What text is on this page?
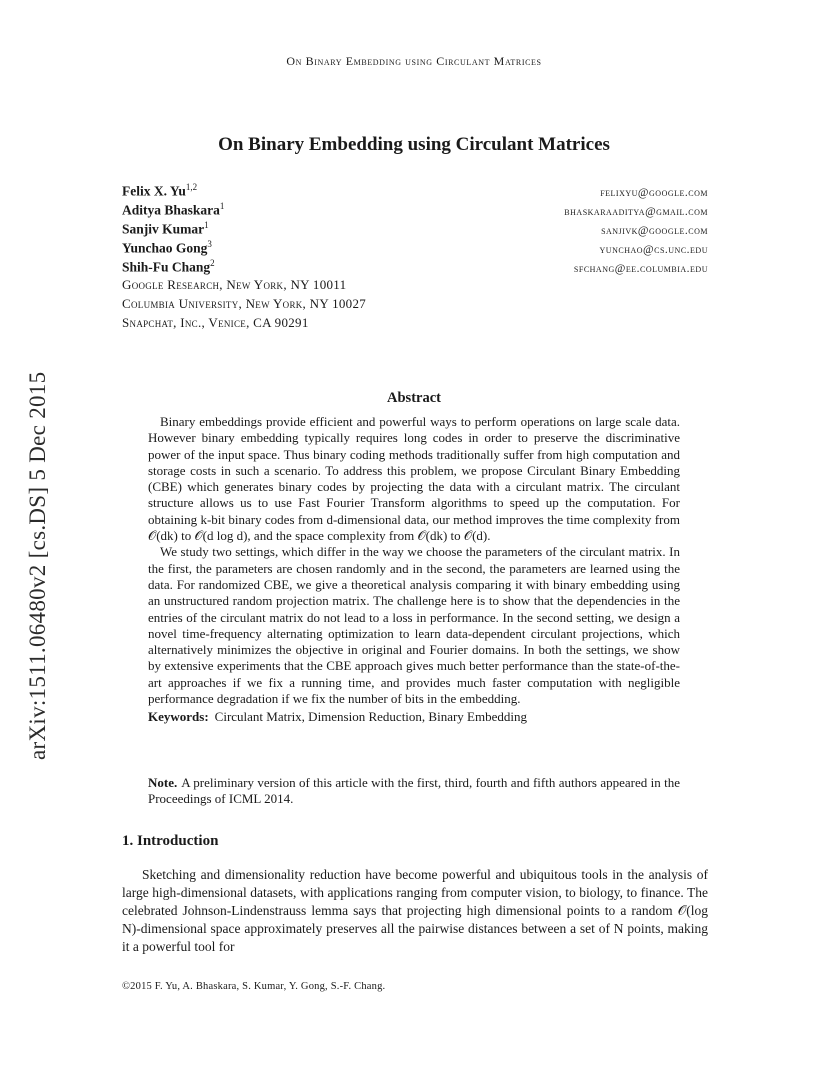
On Binary Embedding using Circulant Matrices
arXiv:1511.06480v2 [cs.DS] 5 Dec 2015
On Binary Embedding using Circulant Matrices
Felix X. Yu$^{1,2}$	felixyu@google.com
Aditya Bhaskara$^1$	bhaskaraaditya@gmail.com
Sanjiv Kumar$^1$	sanjivk@google.com
Yunchao Gong$^3$	yunchao@cs.unc.edu
Shih-Fu Chang$^2$	sfchang@ee.columbia.edu
Google Research, New York, NY 10011
Columbia University, New York, NY 10027
Snapchat, Inc., Venice, CA 90291
Abstract

Binary embeddings provide efficient and powerful ways to perform operations on large scale data. However binary embedding typically requires long codes in order to preserve the discriminative power of the input space. Thus binary coding methods traditionally suffer from high computation and storage costs in such a scenario. To address this problem, we propose Circulant Binary Embedding (CBE) which generates binary codes by projecting the data with a circulant matrix. The circulant structure allows us to use Fast Fourier Transform algorithms to speed up the computation. For obtaining k-bit binary codes from d-dimensional data, our method improves the time complexity from 𝒪(dk) to 𝒪(d log d), and the space complexity from 𝒪(dk) to 𝒪(d).

We study two settings, which differ in the way we choose the parameters of the circulant matrix. In the first, the parameters are chosen randomly and in the second, the parameters are learned using the data. For randomized CBE, we give a theoretical analysis comparing it with binary embedding using an unstructured random projection matrix. The challenge here is to show that the dependencies in the entries of the circulant matrix do not lead to a loss in performance. In the second setting, we design a novel time-frequency alternating optimization to learn data-dependent circulant projections, which alternatively minimizes the objective in original and Fourier domains. In both the settings, we show by extensive experiments that the CBE approach gives much better performance than the state-of-the-art approaches if we fix a running time, and provides much faster computation with negligible performance degradation if we fix the number of bits in the embedding.

Keywords: Circulant Matrix, Dimension Reduction, Binary Embedding
Note. A preliminary version of this article with the first, third, fourth and fifth authors appeared in the Proceedings of ICML 2014.
1. Introduction

Sketching and dimensionality reduction have become powerful and ubiquitous tools in the analysis of large high-dimensional datasets, with applications ranging from computer vision, to biology, to finance. The celebrated Johnson-Lindenstrauss lemma says that projecting high dimensional points to a random 𝒪(log N)-dimensional space approximately preserves all the pairwise distances between a set of N points, making it a powerful tool for

©2015 F. Yu, A. Bhaskara, S. Kumar, Y. Gong, S.-F. Chang.
